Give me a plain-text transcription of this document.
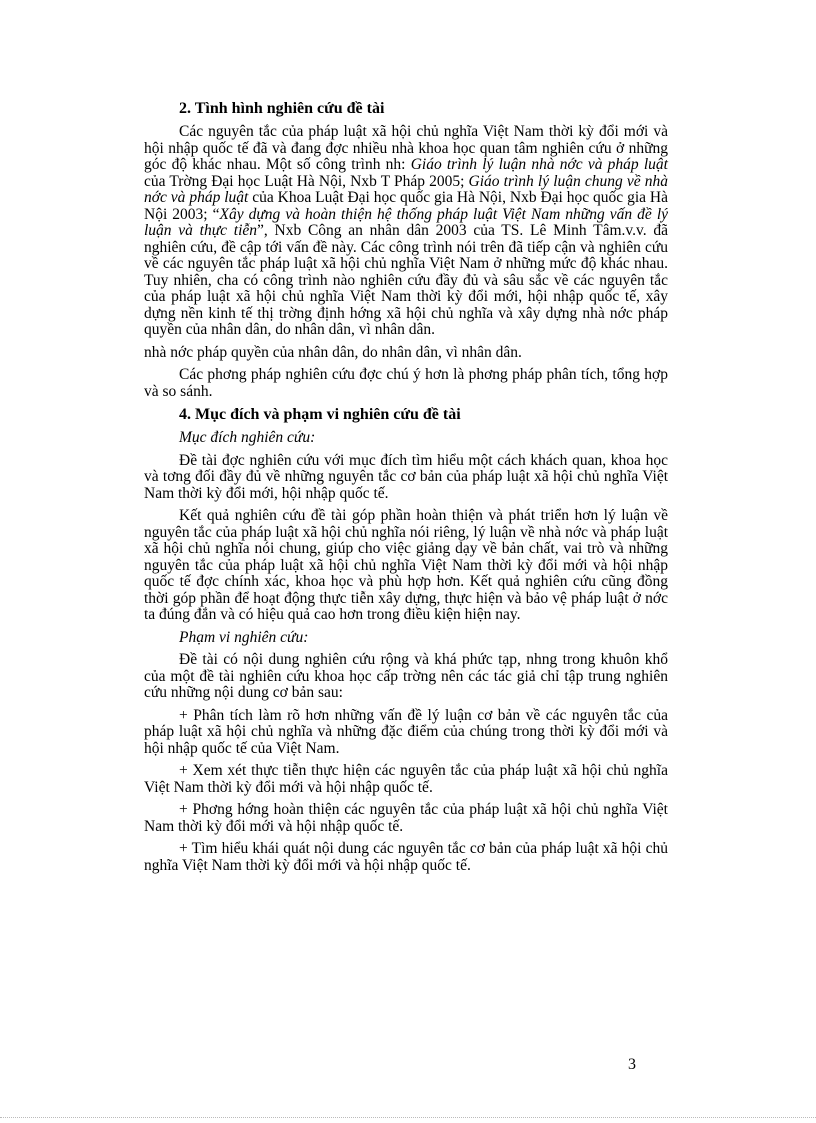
2. Tình hình nghiên cứu đề tài

Các nguyên tắc của pháp luật xã hội chủ nghĩa Việt Nam thời kỳ đổi mới và hội nhập quốc tế đã và đang đợc nhiều nhà khoa học quan tâm nghiên cứu ở những góc độ khác nhau. Một số công trình nh: Giáo trình lý luận nhà nớc và pháp luật của Trờng Đại học Luật Hà Nội, Nxb T Pháp 2005; Giáo trình lý luận chung về nhà nớc và pháp luật của Khoa Luật Đại học quốc gia Hà Nội, Nxb Đại học quốc gia Hà Nội 2003; “Xây dựng và hoàn thiện hệ thống pháp luật Việt Nam những vấn đề lý luận và thực tiễn”, Nxb Công an nhân dân 2003 của TS. Lê Minh Tâm.v.v. đã nghiên cứu, đề cập tới vấn đề này. Các công trình nói trên đã tiếp cận và nghiên cứu về các nguyên tắc pháp luật xã hội chủ nghĩa Việt Nam ở những mức độ khác nhau. Tuy nhiên, cha có công trình nào nghiên cứu đầy đủ và sâu sắc về các nguyên tắc của pháp luật xã hội chủ nghĩa Việt Nam thời kỳ đổi mới, hội nhập quốc tế, xây dựng nền kinh tế thị trờng định hớng xã hội chủ nghĩa và xây dựng nhà nớc pháp quyền của nhân dân, do nhân dân, vì nhân dân.

nhà nớc pháp quyền của nhân dân, do nhân dân, vì nhân dân.

Các phơng pháp nghiên cứu đợc chú ý hơn là phơng pháp phân tích, tổng hợp và so sánh.

4. Mục đích và phạm vi nghiên cứu đề tài

Mục đích nghiên cứu:

Đề tài đợc nghiên cứu với mục đích tìm hiểu một cách khách quan, khoa học và tơng đối đầy đủ về những nguyên tắc cơ bản của pháp luật xã hội chủ nghĩa Việt Nam thời kỳ đổi mới, hội nhập quốc tế.

Kết quả nghiên cứu đề tài góp phần hoàn thiện và phát triển hơn lý luận về nguyên tắc của pháp luật xã hội chủ nghĩa nói riêng, lý luận về nhà nớc và pháp luật xã hội chủ nghĩa nói chung, giúp cho việc giảng dạy về bản chất, vai trò và những nguyên tắc của pháp luật xã hội chủ nghĩa Việt Nam thời kỳ đổi mới và hội nhập quốc tế đợc chính xác, khoa học và phù hợp hơn. Kết quả nghiên cứu cũng đồng thời góp phần để hoạt động thực tiễn xây dựng, thực hiện và bảo vệ pháp luật ở nớc ta đúng đắn và có hiệu quả cao hơn trong điều kiện hiện nay.

Phạm vi nghiên cứu:

Đề tài có nội dung nghiên cứu rộng và khá phức tạp, nhng trong khuôn khổ của một đề tài nghiên cứu khoa học cấp trờng nên các tác giả chỉ tập trung nghiên cứu những nội dung cơ bản sau:

+ Phân tích làm rõ hơn những vấn đề lý luận cơ bản về các nguyên tắc của pháp luật xã hội chủ nghĩa và những đặc điểm của chúng trong thời kỳ đổi mới và hội nhập quốc tế của Việt Nam.

+ Xem xét thực tiễn thực hiện các nguyên tắc của pháp luật xã hội chủ nghĩa Việt Nam thời kỳ đổi mới và hội nhập quốc tế.

+ Phơng hớng hoàn thiện các nguyên tắc của pháp luật xã hội chủ nghĩa Việt Nam thời kỳ đổi mới và hội nhập quốc tế.

+ Tìm hiểu khái quát nội dung các nguyên tắc cơ bản của pháp luật xã hội chủ nghĩa Việt Nam thời kỳ đổi mới và hội nhập quốc tế.

3
